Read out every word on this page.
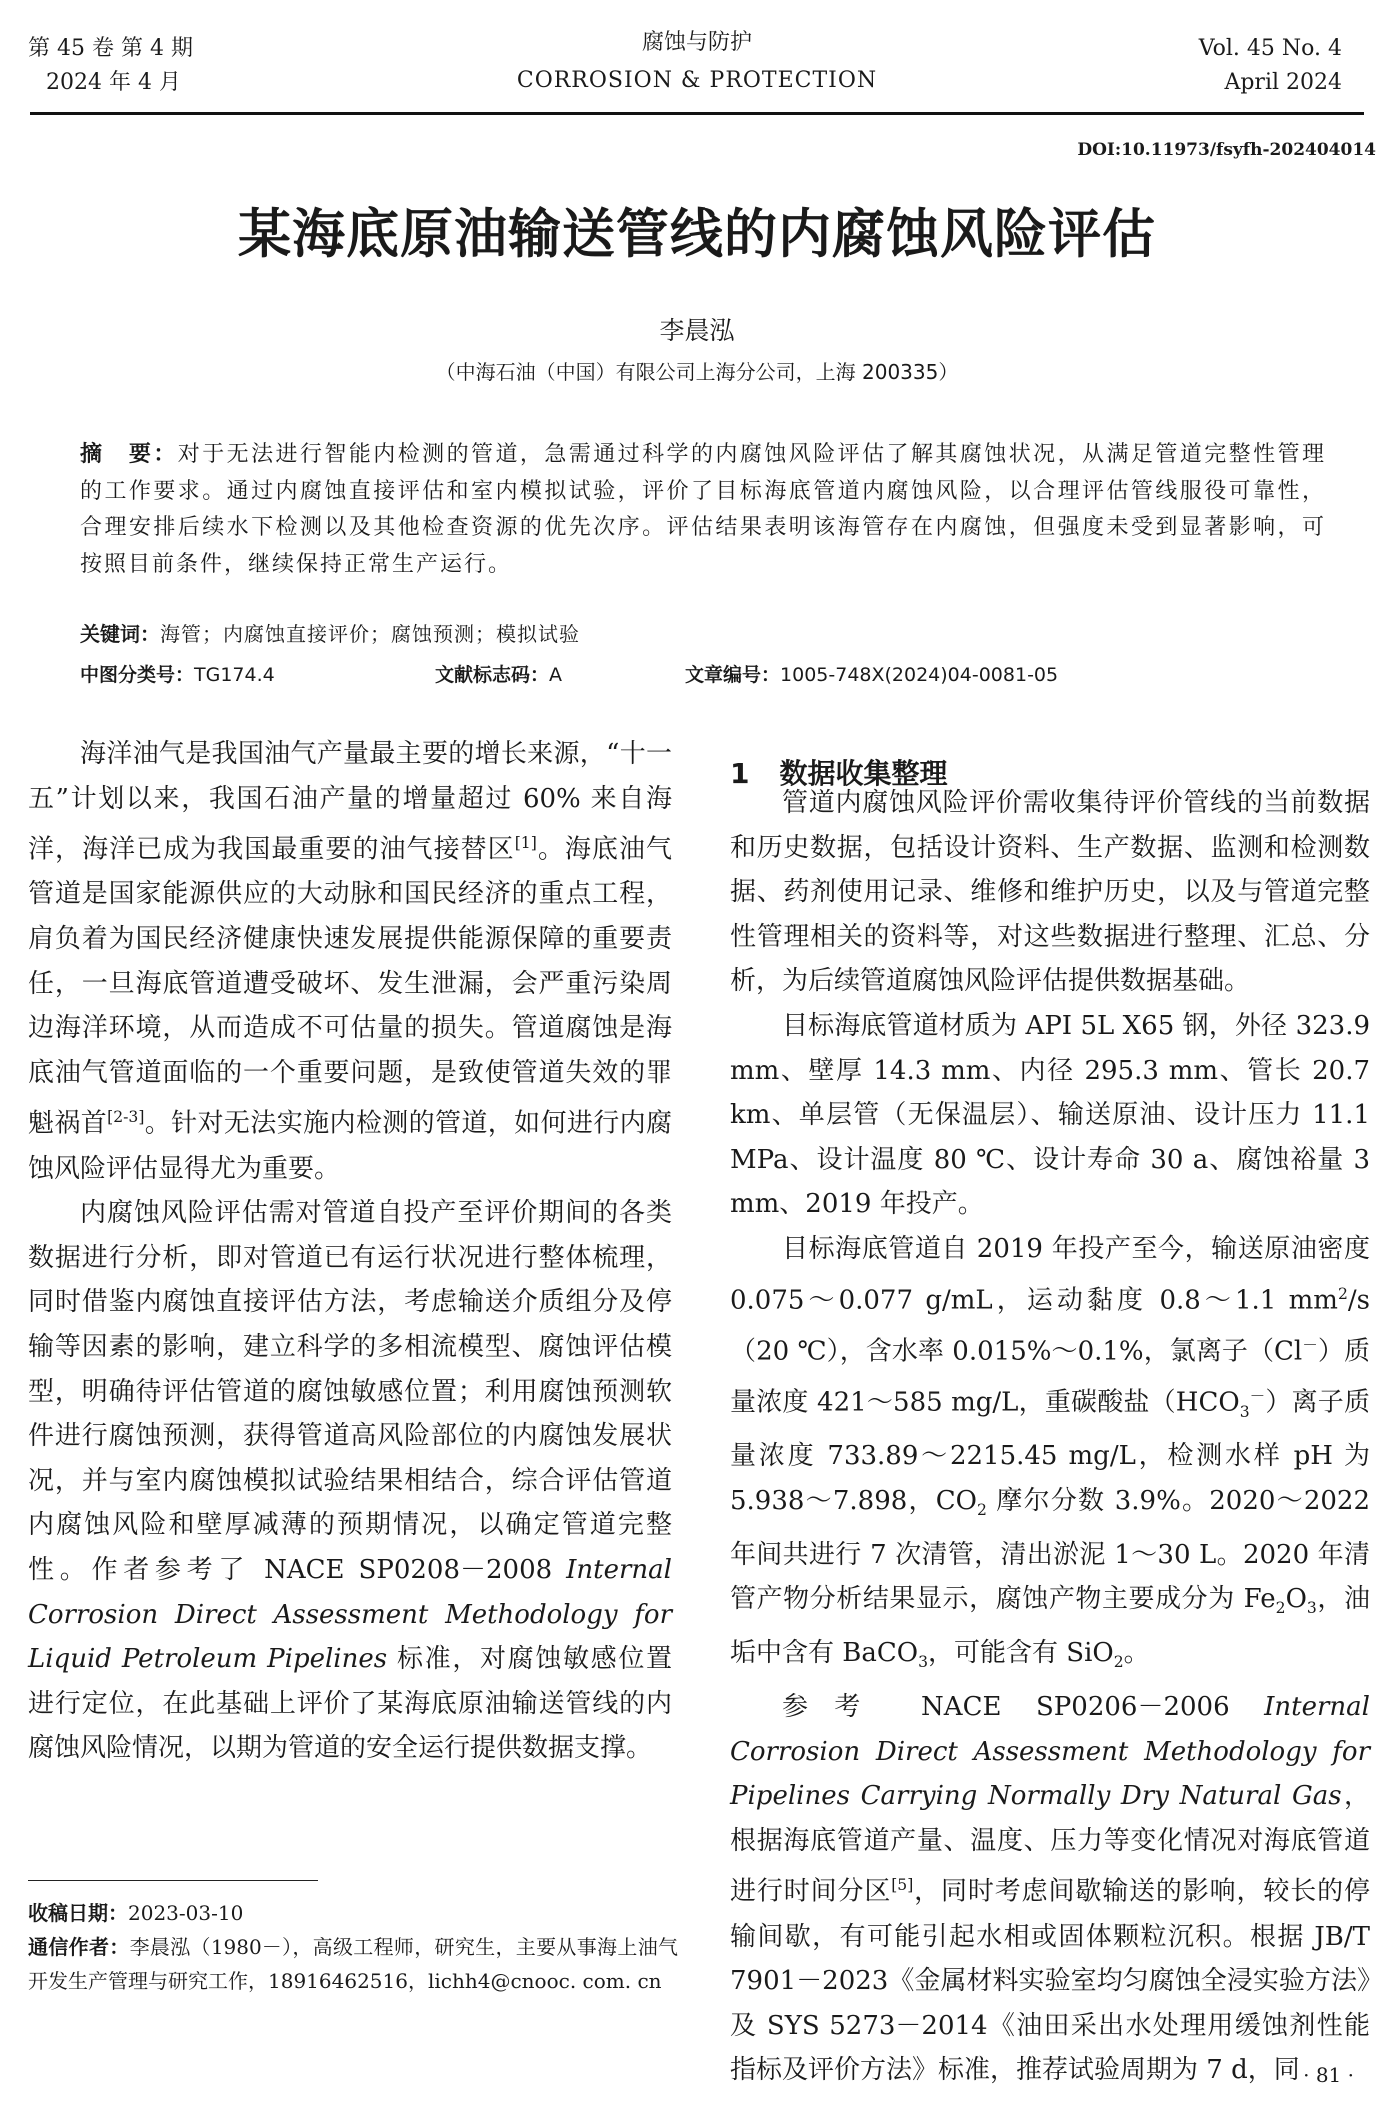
第 45 卷 第 4 期
2024 年 4 月
腐蚀与防护
CORROSION & PROTECTION
Vol. 45 No. 4
April 2024
DOI:10.11973/fsyfh-202404014
某海底原油输送管线的内腐蚀风险评估
李晨泓
（中海石油（中国）有限公司上海分公司，上海 200335）
摘　要：对于无法进行智能内检测的管道，急需通过科学的内腐蚀风险评估了解其腐蚀状况，从满足管道完整性管理的工作要求。通过内腐蚀直接评估和室内模拟试验，评价了目标海底管道内腐蚀风险，以合理评估管线服役可靠性，合理安排后续水下检测以及其他检查资源的优先次序。评估结果表明该海管存在内腐蚀，但强度未受到显著影响，可按照目前条件，继续保持正常生产运行。
关键词：海管；内腐蚀直接评价；腐蚀预测；模拟试验
中图分类号：TG174.4	文献标志码：A	文章编号：1005-748X(2024)04-0081-05

海洋油气是我国油气产量最主要的增长来源，“十一五”计划以来，我国石油产量的增量超过 60% 来自海洋，海洋已成为我国最重要的油气接替区[1]。海底油气管道是国家能源供应的大动脉和国民经济的重点工程，肩负着为国民经济健康快速发展提供能源保障的重要责任，一旦海底管道遭受破坏、发生泄漏，会严重污染周边海洋环境，从而造成不可估量的损失。管道腐蚀是海底油气管道面临的一个重要问题，是致使管道失效的罪魁祸首[2-3]。针对无法实施内检测的管道，如何进行内腐蚀风险评估显得尤为重要。

内腐蚀风险评估需对管道自投产至评价期间的各类数据进行分析，即对管道已有运行状况进行整体梳理，同时借鉴内腐蚀直接评估方法，考虑输送介质组分及停输等因素的影响，建立科学的多相流模型、腐蚀评估模型，明确待评估管道的腐蚀敏感位置；利用腐蚀预测软件进行腐蚀预测，获得管道高风险部位的内腐蚀发展状况，并与室内腐蚀模拟试验结果相结合，综合评估管道内腐蚀风险和壁厚减薄的预期情况，以确定管道完整性。作者参考了 NACE SP0208－2008 Internal Corrosion Direct Assessment Methodology for Liquid Petroleum Pipelines 标准，对腐蚀敏感位置进行定位，在此基础上评价了某海底原油输送管线的内腐蚀风险情况，以期为管道的安全运行提供数据支撑。

收稿日期：2023-03-10
通信作者：李晨泓（1980－），高级工程师，研究生，主要从事海上油气开发生产管理与研究工作，18916462516，lichh4@cnooc. com. cn
1 数据收集整理

管道内腐蚀风险评价需收集待评价管线的当前数据和历史数据，包括设计资料、生产数据、监测和检测数据、药剂使用记录、维修和维护历史，以及与管道完整性管理相关的资料等，对这些数据进行整理、汇总、分析，为后续管道腐蚀风险评估提供数据基础。

目标海底管道材质为 API 5L X65 钢，外径 323.9 mm、壁厚 14.3 mm、内径 295.3 mm、管长 20.7 km、单层管（无保温层）、输送原油、设计压力 11.1 MPa、设计温度 80 ℃、设计寿命 30 a、腐蚀裕量 3 mm、2019 年投产。

目标海底管道自 2019 年投产至今，输送原油密度 0.075～0.077 g/mL，运动黏度 0.8～1.1 $mm^2/s(20$ ℃），含水率 0.015%～0.1%，氯离子（Cl－）质量浓度 421～585 mg/L，重碳酸盐$(HCO_3^-)$离子质量浓度 733.89～2215.45 mg/L，检测水样 pH 为 5.938～7.898，$CO_2$ 摩尔分数 3.9%。2020～2022 年间共进行 7 次清管，清出淤泥 1～30 L。2020 年清管产物分析结果显示，腐蚀产物主要成分为 $Fe_2O_3$，油垢中含有 BaCO$_3$，可能含有 SiO$_2$。

参考 NACE SP0206－2006 Internal Corrosion Direct Assessment Methodology for Pipelines Carrying Normally Dry Natural Gas，根据海底管道产量、温度、压力等变化情况对海底管道进行时间分区[5]，同时考虑间歇输送的影响，较长的停输间歇，有可能引起水相或固体颗粒沉积。根据 JB/T 7901－2023《金属材料实验室均匀腐蚀全浸实验方法》及 SYS 5273－2014《油田采出水处理用缓蚀剂性能指标及评价方法》标准，推荐试验周期为 7 d，同 · 81 ·
